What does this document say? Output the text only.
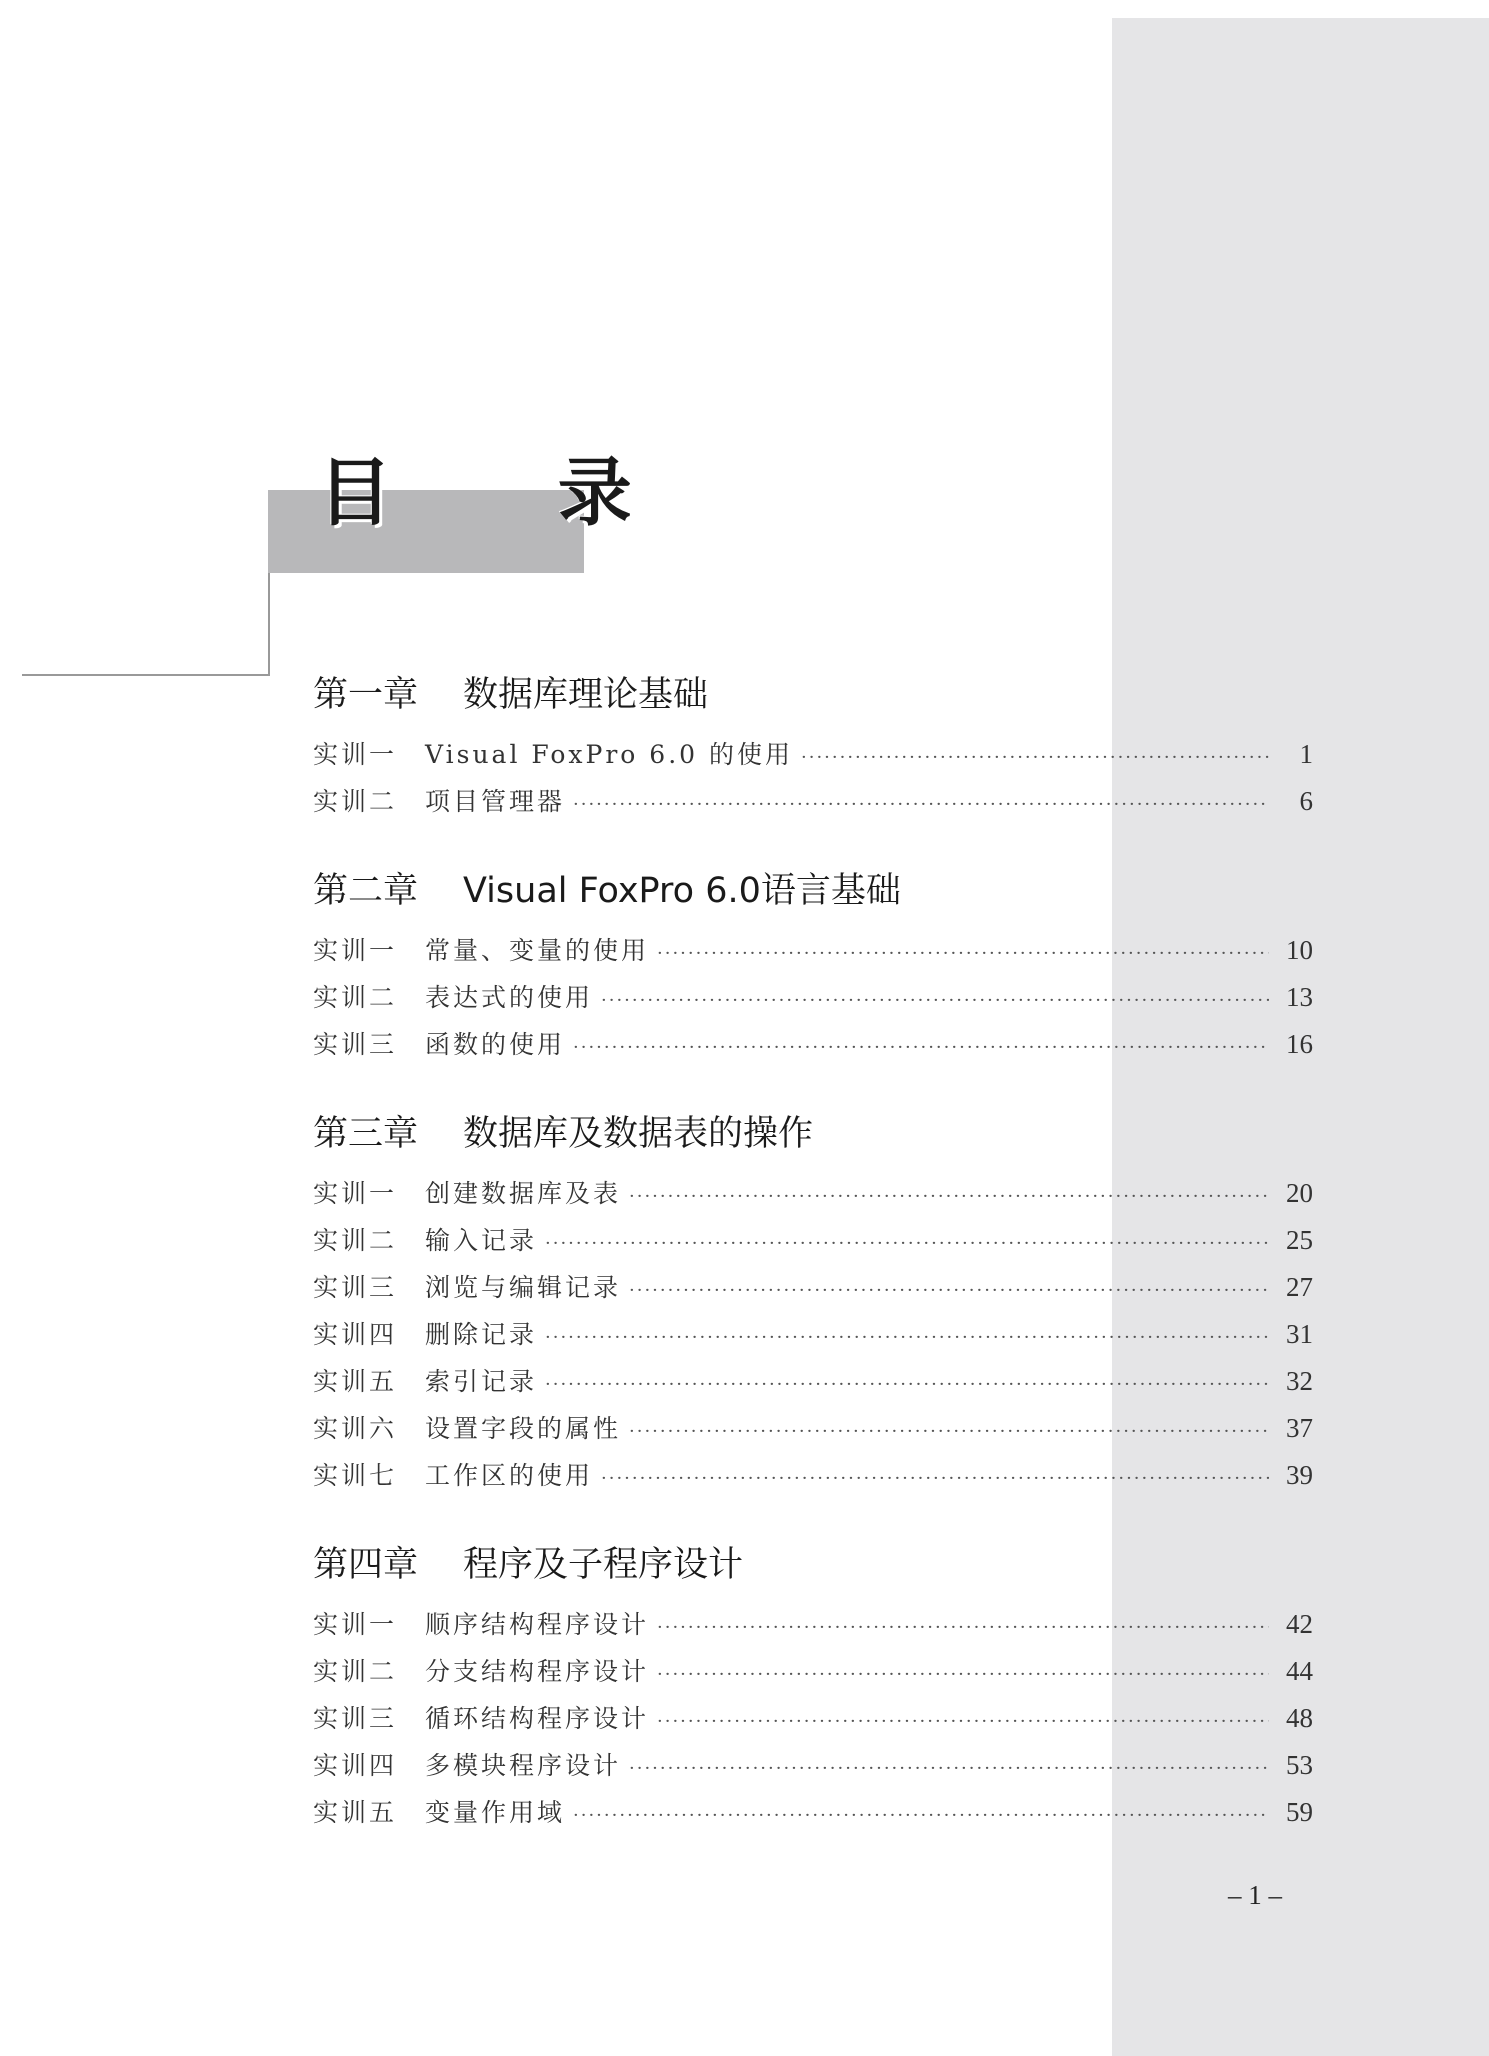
目 录
第一章 数据库理论基础
实训一	Visual FoxPro 6.0 的使用 ·····	1
实训二	项目管理器 ·····	6
第二章 Visual FoxPro 6.0语言基础
实训一	常量、变量的使用 ·····	10
实训二	表达式的使用 ·····	13
实训三	函数的使用 ·····	16
第三章 数据库及数据表的操作
实训一	创建数据库及表 ·····	20
实训二	输入记录 ·····	25
实训三	浏览与编辑记录 ·····	27
实训四	删除记录 ·····	31
实训五	索引记录 ·····	32
实训六	设置字段的属性 ·····	37
实训七	工作区的使用 ·····	39
第四章 程序及子程序设计
实训一	顺序结构程序设计 ·····	42
实训二	分支结构程序设计 ·····	44
实训三	循环结构程序设计 ·····	48
实训四	多模块程序设计 ·····	53
实训五	变量作用域 ·····	59
– 1 –
